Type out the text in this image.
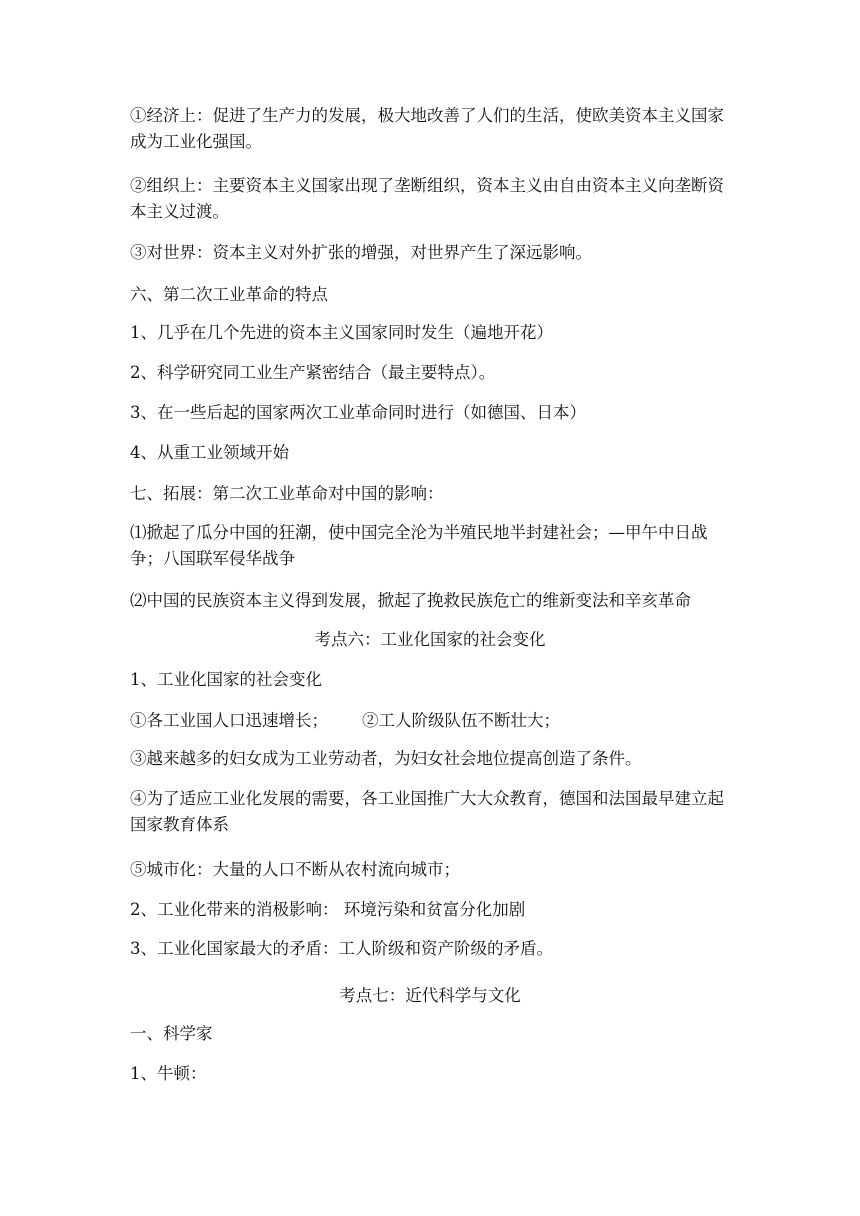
①经济上：促进了生产力的发展，极大地改善了人们的生活，使欧美资本主义国家成为工业化强国。
②组织上：主要资本主义国家出现了垄断组织，资本主义由自由资本主义向垄断资本主义过渡。
③对世界：资本主义对外扩张的增强，对世界产生了深远影响。
六、第二次工业革命的特点
1、几乎在几个先进的资本主义国家同时发生（遍地开花）
2、科学研究同工业生产紧密结合（最主要特点）。
3、在一些后起的国家两次工业革命同时进行（如德国、日本）
4、从重工业领域开始
七、拓展：第二次工业革命对中国的影响：
⑴掀起了瓜分中国的狂潮，使中国完全沦为半殖民地半封建社会；—甲午中日战争；八国联军侵华战争
⑵中国的民族资本主义得到发展，掀起了挽救民族危亡的维新变法和辛亥革命
考点六：工业化国家的社会变化
1、工业化国家的社会变化
①各工业国人口迅速增长；	②工人阶级队伍不断壮大；
③越来越多的妇女成为工业劳动者，为妇女社会地位提高创造了条件。
④为了适应工业化发展的需要，各工业国推广大大众教育，德国和法国最早建立起国家教育体系
⑤城市化：大量的人口不断从农村流向城市；
2、工业化带来的消极影响： 环境污染和贫富分化加剧
3、工业化国家最大的矛盾：工人阶级和资产阶级的矛盾。
考点七：近代科学与文化
一、科学家
1、牛顿：
